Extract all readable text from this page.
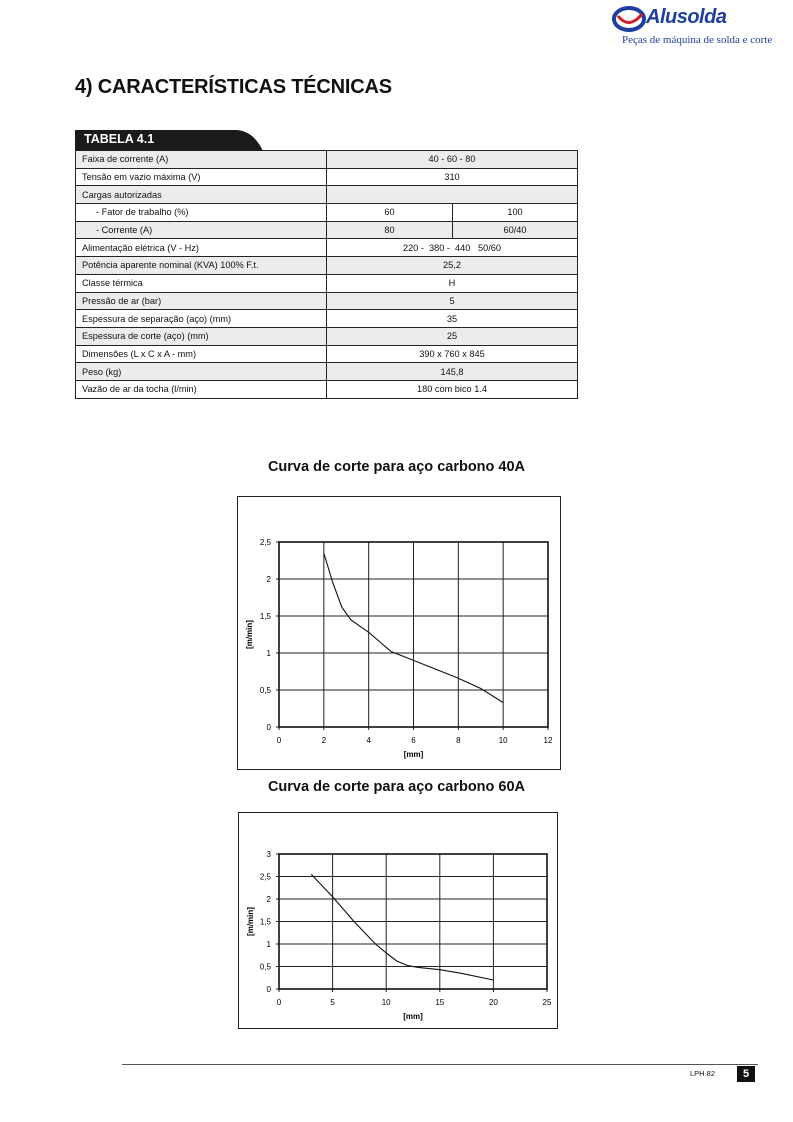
Alusolda
Peças de máquina de solda e corte
4) CARACTERÍSTICAS TÉCNICAS
TABELA 4.1
Faixa de corrente (A)	40 - 60 - 80	
Tensão em vazio máxima (V)	310	
Cargas autorizadas		
- Fator de trabalho (%)	60	100
- Corrente (A)	80	60/40
Alimentação elétrica (V - Hz)	220 -  380 -  440   50/60	
Potência aparente nominal (KVA) 100% F.t.	25,2	
Classe térmica	H	
Pressão de ar (bar)	5	
Espessura de separação (aço) (mm)	35	
Espessura de corte (aço) (mm)	25	
Dimensões (L x C x A - mm)	390 x 760 x 845	
Peso (kg)	145,8	
Vazão de ar da tocha (l/min)	180 com bico 1.4	
Curva de corte para aço carbono 40A
0	2	4	6	8	10	12
0
0,5
1
1,5
2
2,5
[mm]
[m/min]
Curva de corte para aço carbono 60A
0	5	10	15	20	25
0
0,5
1
1,5
2
2,5
3
[mm]
[m/min]
LPH 82	5
